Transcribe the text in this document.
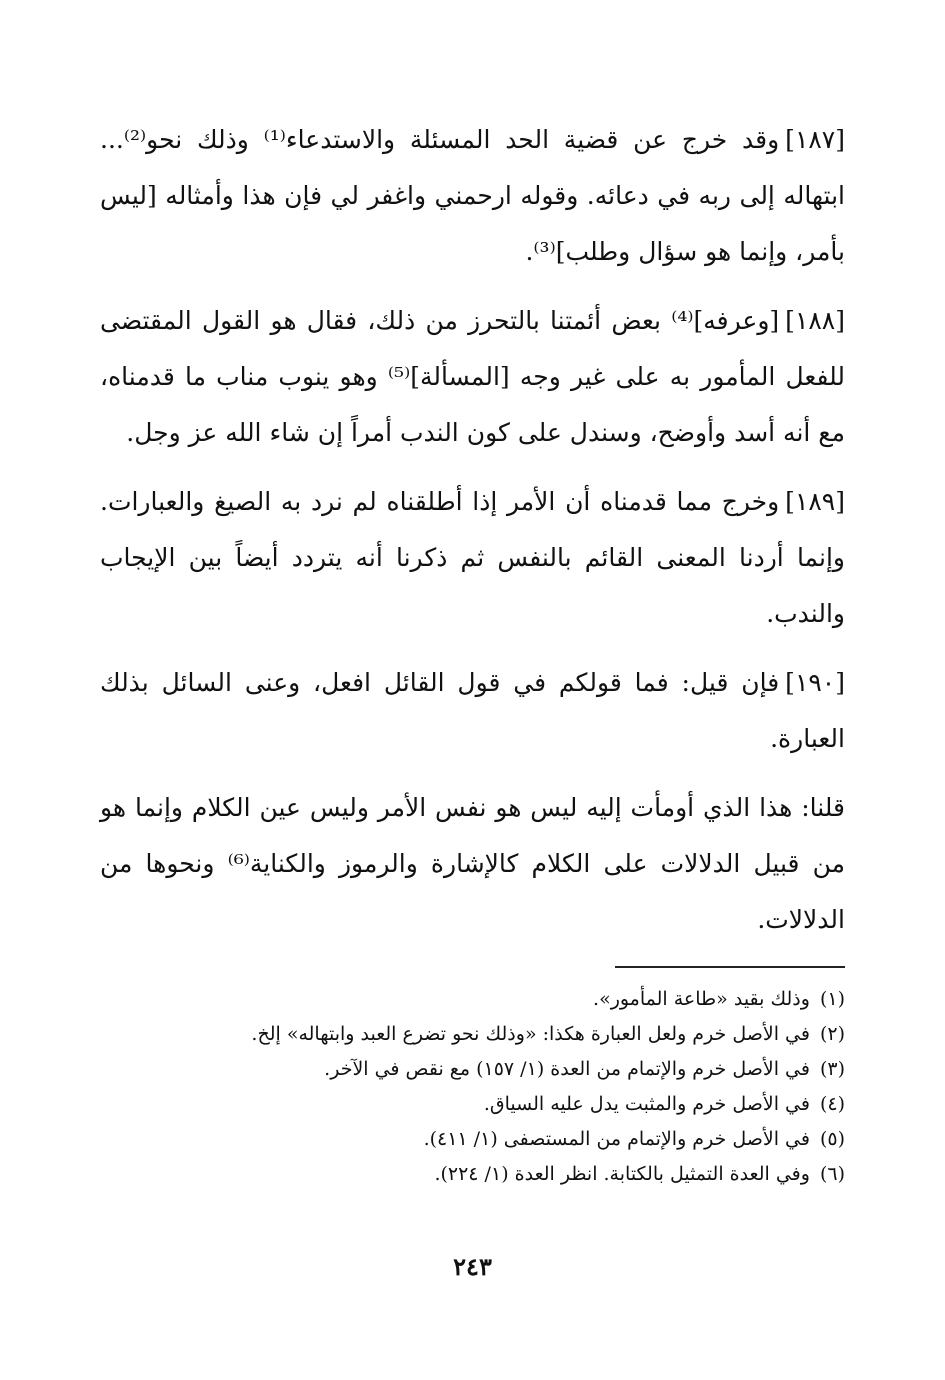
[١٨٧]وقد خرج عن قضية الحد المسئلة والاستدعاء⁽¹⁾ وذلك نحو⁽²⁾... ابتهاله إلى ربه في دعائه. وقوله ارحمني واغفر لي فإن هذا وأمثاله [ليس بأمر، وإنما هو سؤال وطلب]⁽³⁾.

[١٨٨][وعرفه]⁽⁴⁾ بعض أئمتنا بالتحرز من ذلك، فقال هو القول المقتضى للفعل المأمور به على غير وجه [المسألة]⁽⁵⁾ وهو ينوب مناب ما قدمناه، مع أنه أسد وأوضح، وسندل على كون الندب أمراً إن شاء الله عز وجل.

[١٨٩]وخرج مما قدمناه أن الأمر إذا أطلقناه لم نرد به الصيغ والعبارات. وإنما أردنا المعنى القائم بالنفس ثم ذكرنا أنه يتردد أيضاً بين الإيجاب والندب.

[١٩٠]فإن قيل: فما قولكم في قول القائل افعل، وعنى السائل بذلك العبارة.

قلنا: هذا الذي أومأت إليه ليس هو نفس الأمر وليس عين الكلام وإنما هو من قبيل الدلالات على الكلام كالإشارة والرموز والكناية⁽⁶⁾ ونحوها من الدلالات.

(١)وذلك بقيد «طاعة المأمور».
(٢)في الأصل خرم ولعل العبارة هكذا: «وذلك نحو تضرع العبد وابتهاله» إلخ.
(٣)في الأصل خرم والإتمام من العدة (١/ ١٥٧) مع نقص في الآخر.
(٤)في الأصل خرم والمثبت يدل عليه السياق.
(٥)في الأصل خرم والإتمام من المستصفى (١/ ٤١١).
(٦)وفي العدة التمثيل بالكتابة. انظر العدة (١/ ٢٢٤).
٢٤٣
